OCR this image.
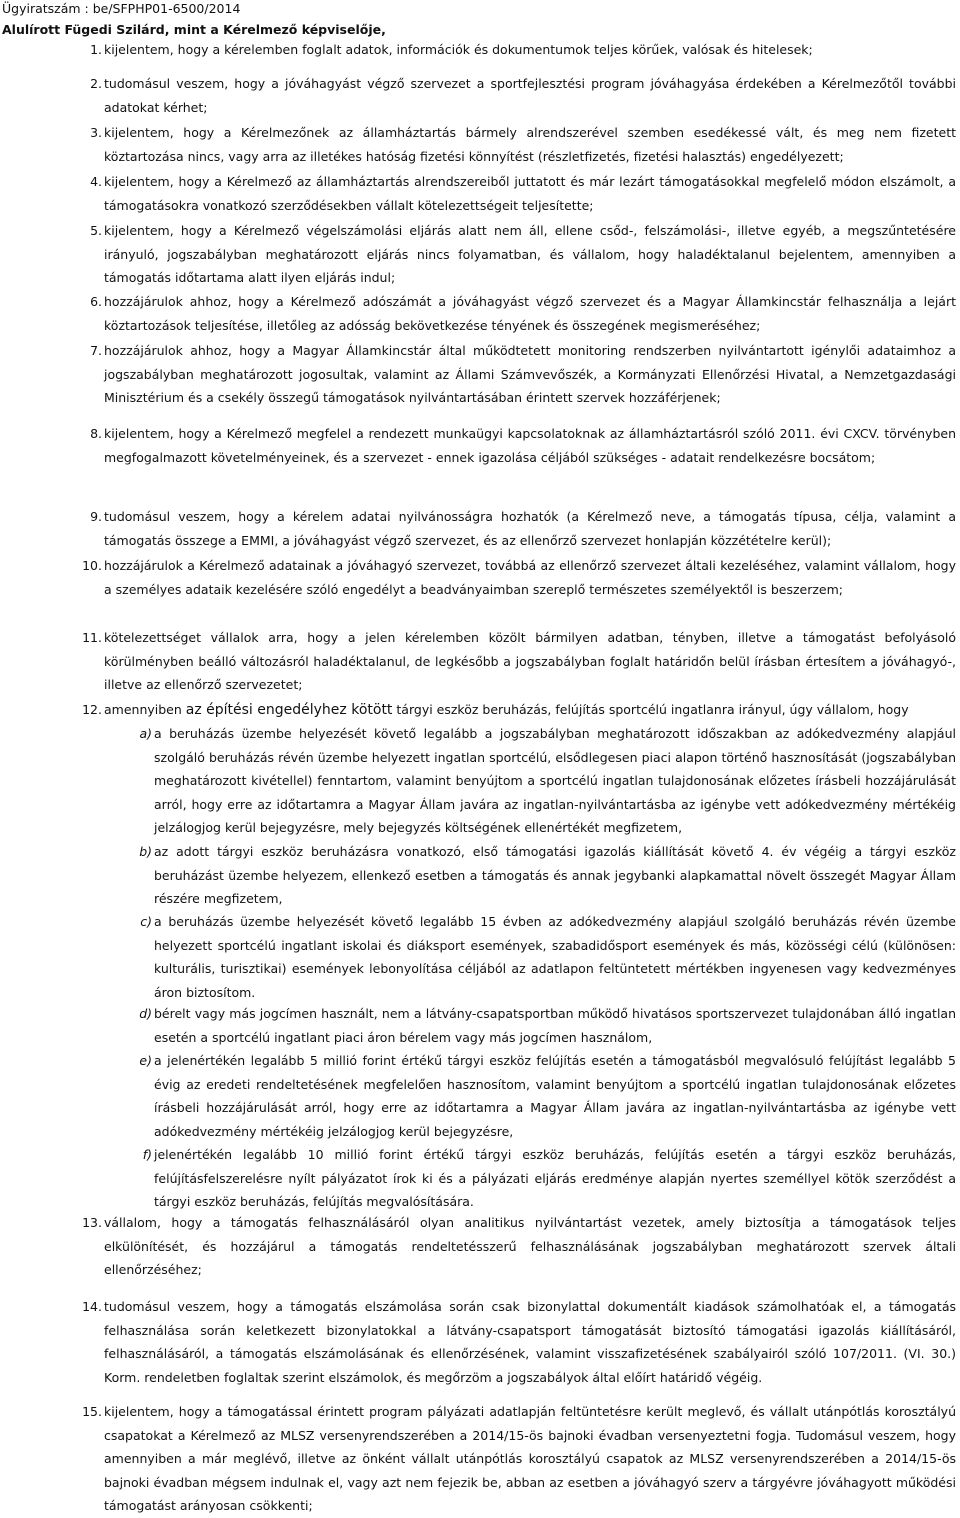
Ügyiratszám : be/SFPHP01-6500/2014
Alulírott Fügedi Szilárd, mint a Kérelmező képviselője,
1. kijelentem, hogy a kérelemben foglalt adatok, információk és dokumentumok teljes körűek, valósak és hitelesek;

2. tudomásul veszem, hogy a jóváhagyást végző szervezet a sportfejlesztési program jóváhagyása érdekében a Kérelmezőtől további adatokat kérhet;

3. kijelentem, hogy a Kérelmezőnek az államháztartás bármely alrendszerével szemben esedékessé vált, és meg nem fizetett köztartozása nincs, vagy arra az illetékes hatóság fizetési könnyítést (részletfizetés, fizetési halasztás) engedélyezett;

4. kijelentem, hogy a Kérelmező az államháztartás alrendszereiből juttatott és már lezárt támogatásokkal megfelelő módon elszámolt, a támogatásokra vonatkozó szerződésekben vállalt kötelezettségeit teljesítette;

5. kijelentem, hogy a Kérelmező végelszámolási eljárás alatt nem áll, ellene csőd-, felszámolási-, illetve egyéb, a megszűntetésére irányuló, jogszabályban meghatározott eljárás nincs folyamatban, és vállalom, hogy haladéktalanul bejelentem, amennyiben a támogatás időtartama alatt ilyen eljárás indul;

6. hozzájárulok ahhoz, hogy a Kérelmező adószámát a jóváhagyást végző szervezet és a Magyar Államkincstár felhasználja a lejárt köztartozások teljesítése, illetőleg az adósság bekövetkezése tényének és összegének megismeréséhez;

7. hozzájárulok ahhoz, hogy a Magyar Államkincstár által működtetett monitoring rendszerben nyilvántartott igénylői adataimhoz a jogszabályban meghatározott jogosultak, valamint az Állami Számvevőszék, a Kormányzati Ellenőrzési Hivatal, a Nemzetgazdasági Minisztérium és a csekély összegű támogatások nyilvántartásában érintett szervek hozzáférjenek;

8. kijelentem, hogy a Kérelmező megfelel a rendezett munkaügyi kapcsolatoknak az államháztartásról szóló 2011. évi CXCV. törvényben megfogalmazott követelményeinek, és a szervezet - ennek igazolása céljából szükséges - adatait rendelkezésre bocsátom;

9. tudomásul veszem, hogy a kérelem adatai nyilvánosságra hozhatók (a Kérelmező neve, a támogatás típusa, célja, valamint a támogatás összege a EMMI, a jóváhagyást végző szervezet, és az ellenőrző szervezet honlapján közzétételre kerül);

10. hozzájárulok a Kérelmező adatainak a jóváhagyó szervezet, továbbá az ellenőrző szervezet általi kezeléséhez, valamint vállalom, hogy a személyes adataik kezelésére szóló engedélyt a beadványaimban szereplő természetes személyektől is beszerzem;

11. kötelezettséget vállalok arra, hogy a jelen kérelemben közölt bármilyen adatban, tényben, illetve a támogatást befolyásoló körülményben beálló változásról haladéktalanul, de legkésőbb a jogszabályban foglalt határidőn belül írásban értesítem a jóváhagyó-, illetve az ellenőrző szervezetet;

12. amennyiben az építési engedélyhez kötött tárgyi eszköz beruházás, felújítás sportcélú ingatlanra irányul, úgy vállalom, hogy

a) a beruházás üzembe helyezését követő legalább a jogszabályban meghatározott időszakban az adókedvezmény alapjául szolgáló beruházás révén üzembe helyezett ingatlan sportcélú, elsődlegesen piaci alapon történő hasznosítását (jogszabályban meghatározott kivétellel) fenntartom, valamint benyújtom a sportcélú ingatlan tulajdonosának előzetes írásbeli hozzájárulását arról, hogy erre az időtartamra a Magyar Állam javára az ingatlan-nyilvántartásba az igénybe vett adókedvezmény mértékéig jelzálogjog kerül bejegyzésre, mely bejegyzés költségének ellenértékét megfizetem,
b) az adott tárgyi eszköz beruházásra vonatkozó, első támogatási igazolás kiállítását követő 4. év végéig a tárgyi eszköz beruházást üzembe helyezem, ellenkező esetben a támogatás és annak jegybanki alapkamattal növelt összegét Magyar Állam részére megfizetem,
c) a beruházás üzembe helyezését követő legalább 15 évben az adókedvezmény alapjául szolgáló beruházás révén üzembe helyezett sportcélú ingatlant iskolai és diáksport események, szabadidősport események és más, közösségi célú (különösen: kulturális, turisztikai) események lebonyolítása céljából az adatlapon feltüntetett mértékben ingyenesen vagy kedvezményes áron biztosítom.
d) bérelt vagy más jogcímen használt, nem a látvány-csapatsportban működő hivatásos sportszervezet tulajdonában álló ingatlan esetén a sportcélú ingatlant piaci áron bérelem vagy más jogcímen használom,
e) a jelenértékén legalább 5 millió forint értékű tárgyi eszköz felújítás esetén a támogatásból megvalósuló felújítást legalább 5 évig az eredeti rendeltetésének megfelelően hasznosítom, valamint benyújtom a sportcélú ingatlan tulajdonosának előzetes írásbeli hozzájárulását arról, hogy erre az időtartamra a Magyar Állam javára az ingatlan-nyilvántartásba az igénybe vett adókedvezmény mértékéig jelzálogjog kerül bejegyzésre,
f) jelenértékén legalább 10 millió forint értékű tárgyi eszköz beruházás, felújítás esetén a tárgyi eszköz beruházás, felújításfelszerelésre nyílt pályázatot írok ki és a pályázati eljárás eredménye alapján nyertes személlyel kötök szerződést a tárgyi eszköz beruházás, felújítás megvalósítására.
13. vállalom, hogy a támogatás felhasználásáról olyan analitikus nyilvántartást vezetek, amely biztosítja a támogatások teljes elkülönítését, és hozzájárul a támogatás rendeltetésszerű felhasználásának jogszabályban meghatározott szervek általi ellenőrzéséhez;

14. tudomásul veszem, hogy a támogatás elszámolása során csak bizonylattal dokumentált kiadások számolhatóak el, a támogatás felhasználása során keletkezett bizonylatokkal a látvány-csapatsport támogatását biztosító támogatási igazolás kiállításáról, felhasználásáról, a támogatás elszámolásának és ellenőrzésének, valamint visszafizetésének szabályairól szóló 107/2011. (VI. 30.) Korm. rendeletben foglaltak szerint elszámolok, és megőrzöm a jogszabályok által előírt határidő végéig.

15. kijelentem, hogy a támogatással érintett program pályázati adatlapján feltüntetésre került meglevő, és vállalt utánpótlás korosztályú csapatokat a Kérelmező az MLSZ versenyrendszerében a 2014/15-ös bajnoki évadban versenyeztetni fogja. Tudomásul veszem, hogy amennyiben a már meglévő, illetve az önként vállalt utánpótlás korosztályú csapatok az MLSZ versenyrendszerében a 2014/15-ös bajnoki évadban mégsem indulnak el, vagy azt nem fejezik be, abban az esetben a jóváhagyó szerv a tárgyévre jóváhagyott működési támogatást arányosan csökkenti;
